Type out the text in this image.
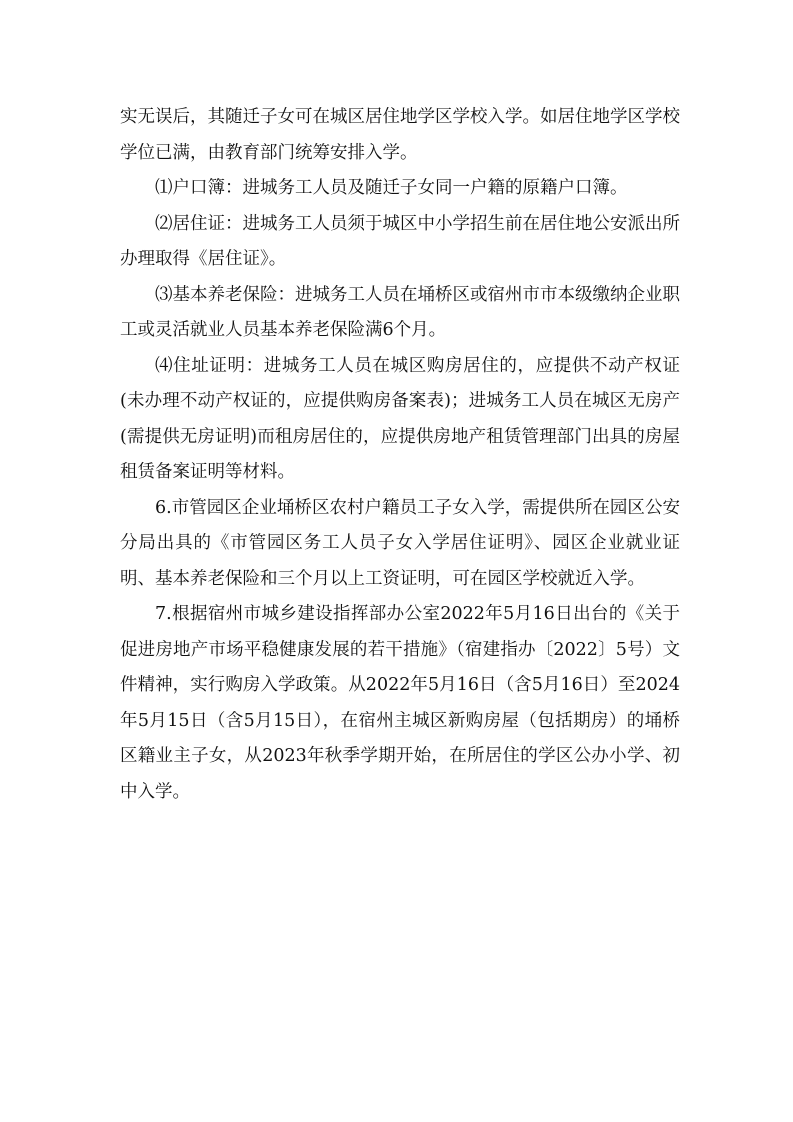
实无误后，其随迁子女可在城区居住地学区学校入学。如居住地学区学校学位已满，由教育部门统筹安排入学。

⑴户口簿：进城务工人员及随迁子女同一户籍的原籍户口簿。

⑵居住证：进城务工人员须于城区中小学招生前在居住地公安派出所办理取得《居住证》。

⑶基本养老保险：进城务工人员在埇桥区或宿州市市本级缴纳企业职工或灵活就业人员基本养老保险满6个月。

⑷住址证明：进城务工人员在城区购房居住的，应提供不动产权证(未办理不动产权证的，应提供购房备案表)；进城务工人员在城区无房产(需提供无房证明)而租房居住的，应提供房地产租赁管理部门出具的房屋租赁备案证明等材料。

6.市管园区企业埇桥区农村户籍员工子女入学，需提供所在园区公安分局出具的《市管园区务工人员子女入学居住证明》、园区企业就业证明、基本养老保险和三个月以上工资证明，可在园区学校就近入学。

7.根据宿州市城乡建设指挥部办公室2022年5月16日出台的《关于促进房地产市场平稳健康发展的若干措施》（宿建指办〔2022〕5号）文件精神，实行购房入学政策。从2022年5月16日（含5月16日）至2024年5月15日（含5月15日），在宿州主城区新购房屋（包括期房）的埇桥区籍业主子女，从2023年秋季学期开始，在所居住的学区公办小学、初中入学。
